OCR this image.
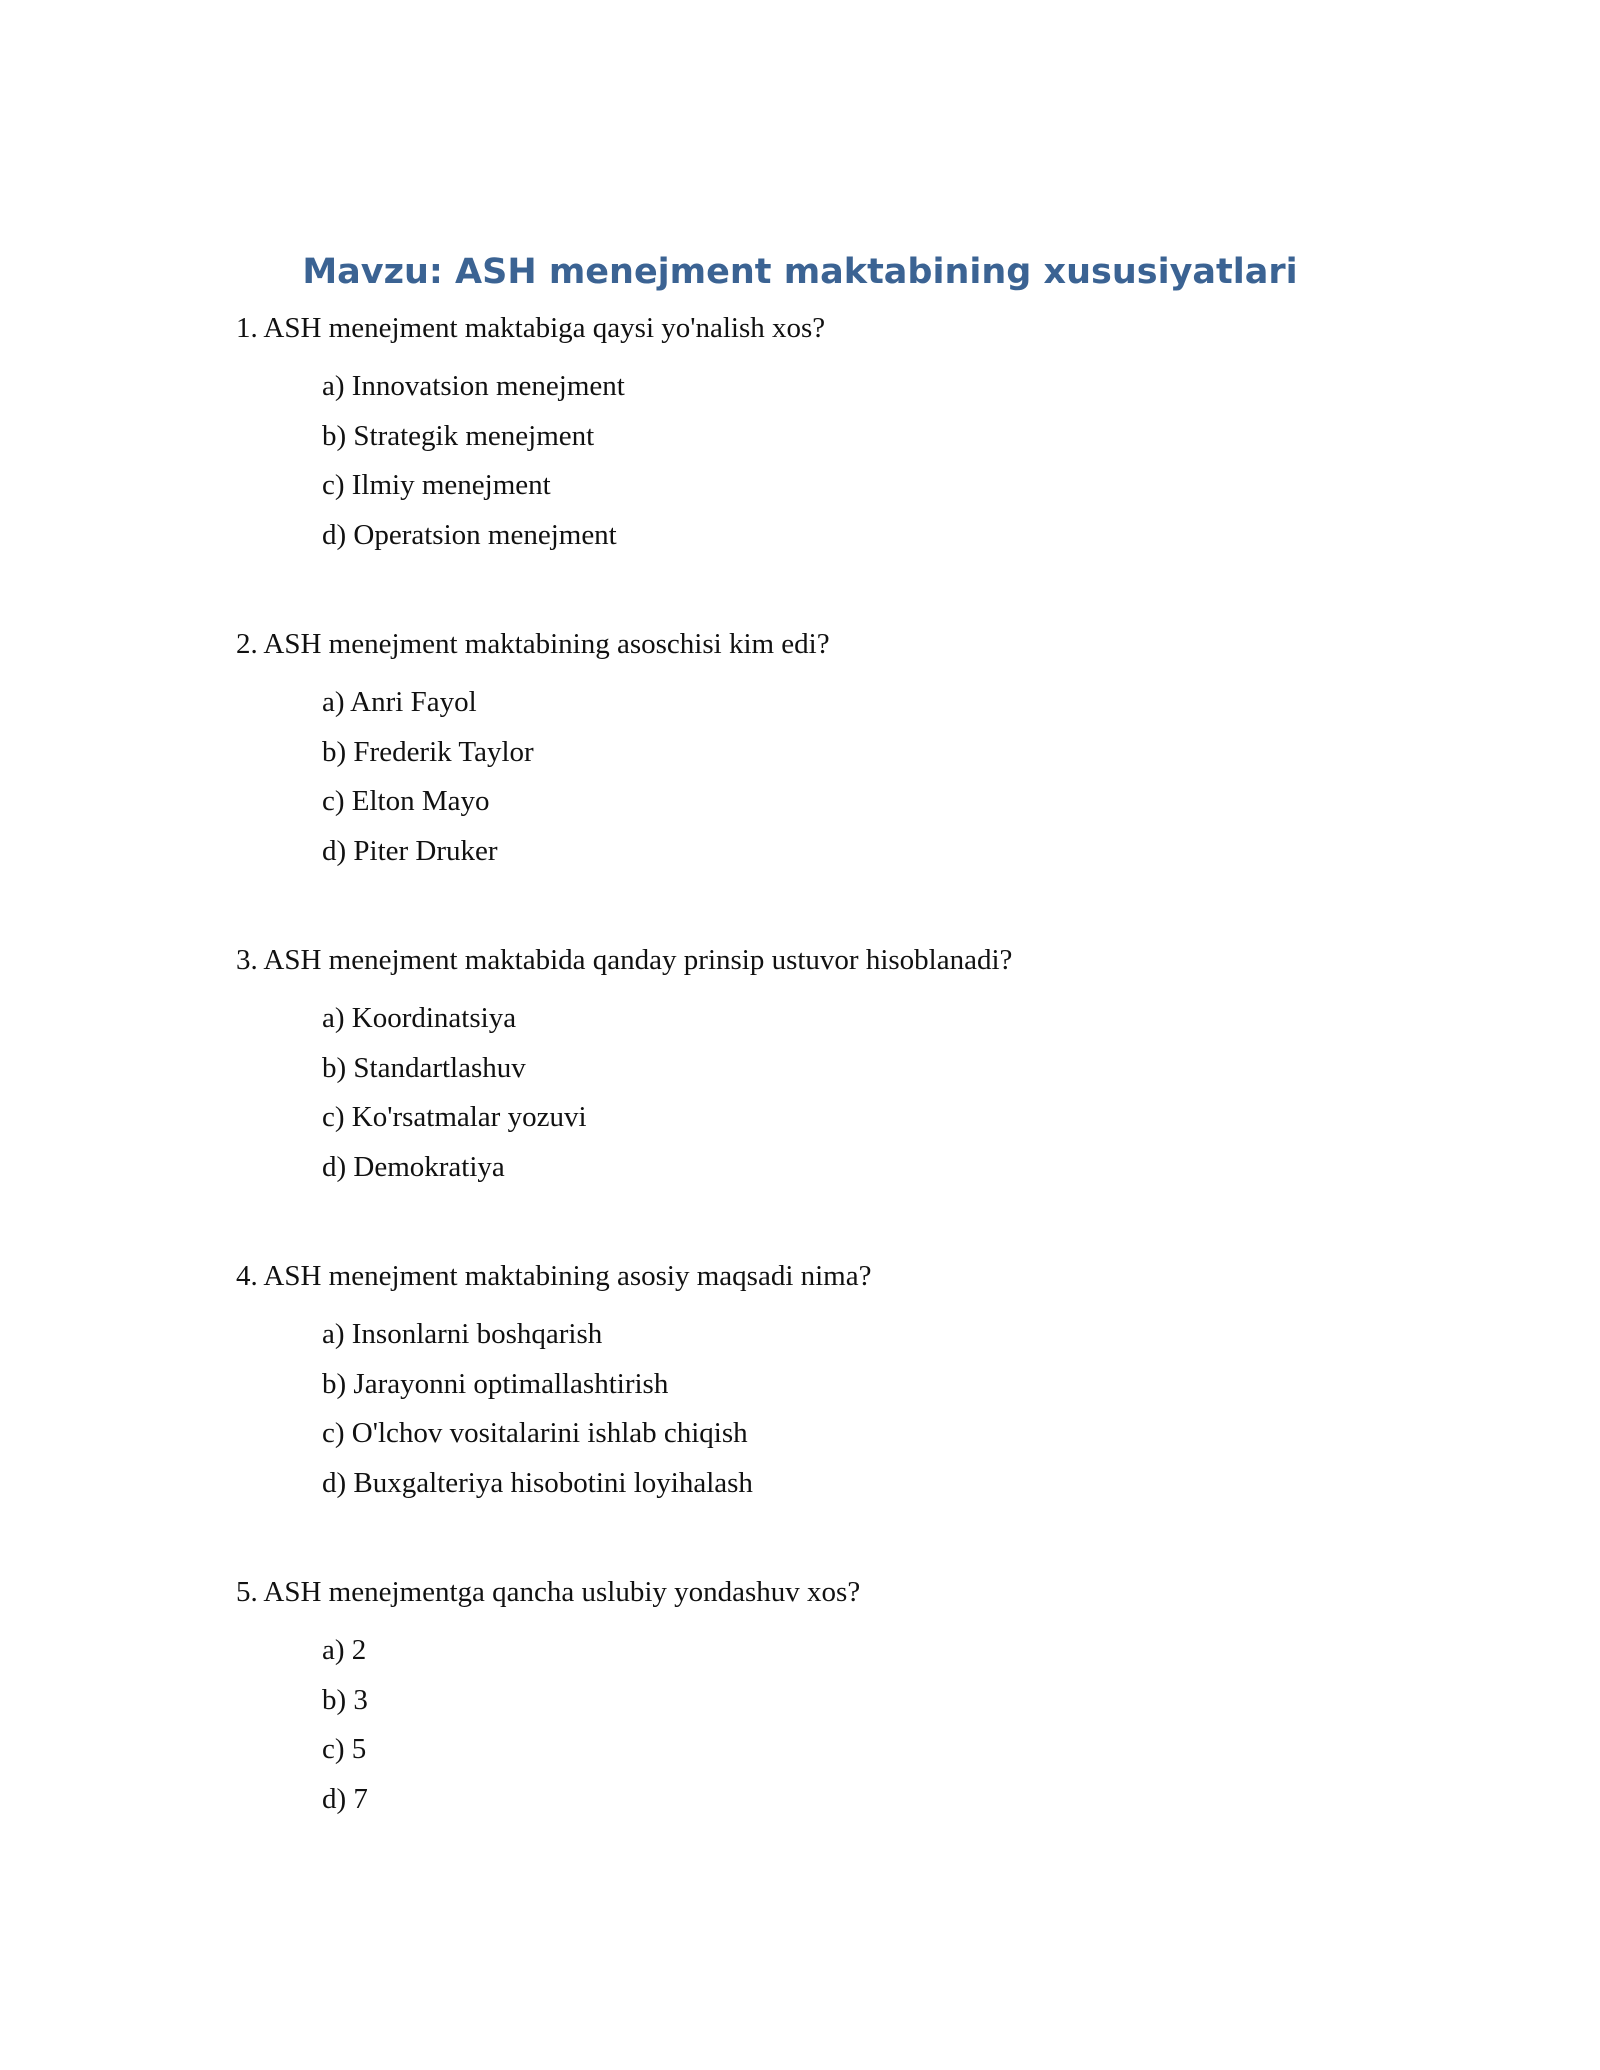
Mavzu: ASH menejment maktabining xususiyatlari
1. ASH menejment maktabiga qaysi yo'nalish xos?
a) Innovatsion menejment
b) Strategik menejment
c) Ilmiy menejment
d) Operatsion menejment
2. ASH menejment maktabining asoschisi kim edi?
a) Anri Fayol
b) Frederik Taylor
c) Elton Mayo
d) Piter Druker
3. ASH menejment maktabida qanday prinsip ustuvor hisoblanadi?
a) Koordinatsiya
b) Standartlashuv
c) Ko'rsatmalar yozuvi
d) Demokratiya
4. ASH menejment maktabining asosiy maqsadi nima?
a) Insonlarni boshqarish
b) Jarayonni optimallashtirish
c) O'lchov vositalarini ishlab chiqish
d) Buxgalteriya hisobotini loyihalash
5. ASH menejmentga qancha uslubiy yondashuv xos?
a) 2
b) 3
c) 5
d) 7
